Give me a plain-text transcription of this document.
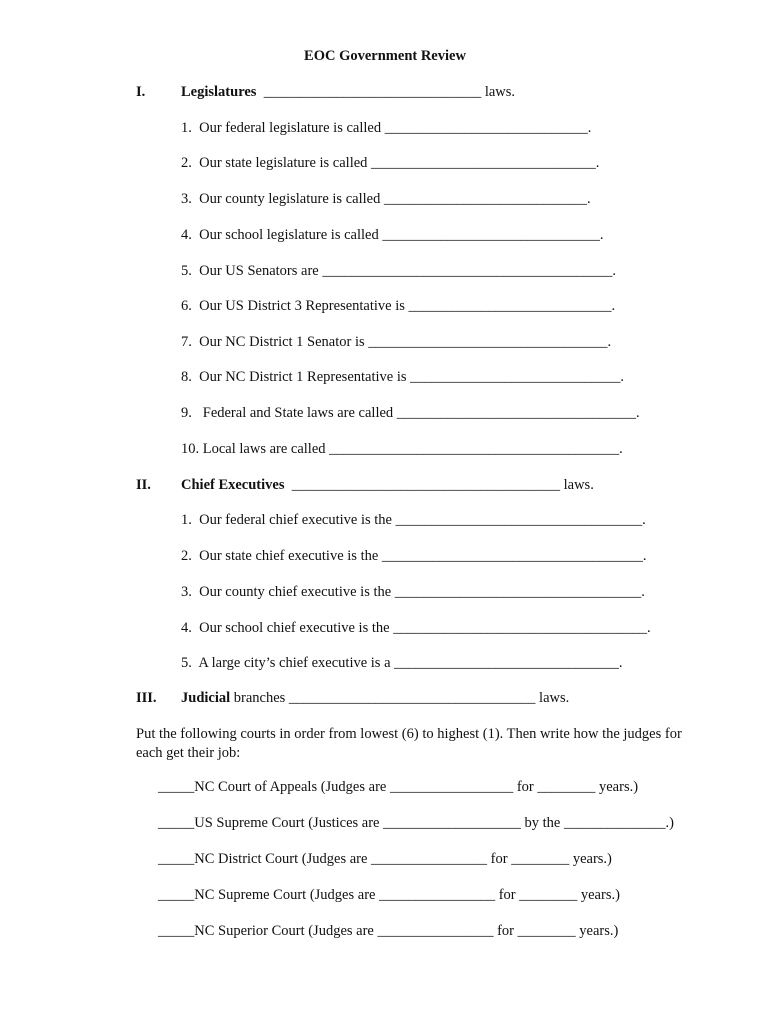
EOC Government Review
I. Legislatures  ______________________________ laws.
1.  Our federal legislature is called ____________________________.
2.  Our state legislature is called _______________________________.
3.  Our county legislature is called ____________________________.
4.  Our school legislature is called ______________________________.
5.  Our US Senators are ________________________________________.
6.  Our US District 3 Representative is ____________________________.
7.  Our NC District 1 Senator is _________________________________.
8.  Our NC District 1 Representative is _____________________________.
9.   Federal and State laws are called _________________________________.
10. Local laws are called ________________________________________.
II. Chief Executives  _____________________________________ laws.
1.  Our federal chief executive is the __________________________________.
2.  Our state chief executive is the ____________________________________.
3.  Our county chief executive is the __________________________________.
4.  Our school chief executive is the ___________________________________.
5.  A large city’s chief executive is a _______________________________.
III. Judicial branches __________________________________ laws.
Put the following courts in order from lowest (6) to highest (1). Then write how the judges for each get their job:
_____NC Court of Appeals (Judges are _________________ for ________ years.)
_____US Supreme Court (Justices are ___________________ by the ______________.)
_____NC District Court (Judges are ________________ for ________ years.)
_____NC Supreme Court (Judges are ________________ for ________ years.)
_____NC Superior Court (Judges are ________________ for ________ years.)
